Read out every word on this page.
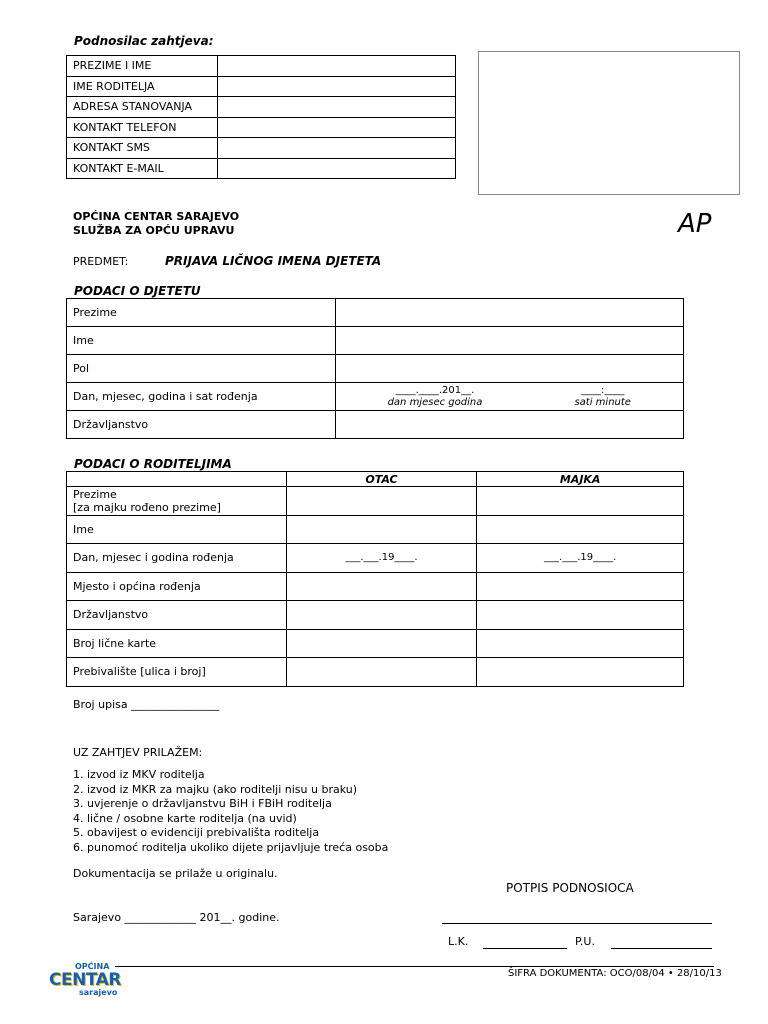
Podnosilac zahtjeva:
PREZIME I IME	
IME RODITELJA	
ADRESA STANOVANJA	
KONTAKT TELEFON	
KONTAKT SMS	
KONTAKT E-MAIL	
OPĆINA CENTAR SARAJEVO
SLUŽBA ZA OPĆU UPRAVU	AP
PREDMET:	PRIJAVA LIČNOG IMENA DJETETA
PODACI O DJETETU
Prezime	
Ime	
Pol	
Dan, mjesec, godina i sat rođenja	____.____.201__.
dan mjesec godina
____:____
sati minute

Državljanstvo	
PODACI O RODITELJIMA
	OTAC	MAJKA

Prezime
[za majku rođeno prezime]		

Ime		
Dan, mjesec i godina rođenja	___.___.19____.	___.___.19____.
Mjesto i općina rođenja		
Državljanstvo		
Broj lične karte		
Prebivalište [ulica i broj]		
Broj upisa ________________
UZ ZAHTJEV PRILAŽEM:
1. izvod iz MKV roditelja
2. izvod iz MKR za majku (ako roditelji nisu u braku)
3. uvjerenje o državljanstvu BiH i FBiH roditelja
4. lične / osobne karte roditelja (na uvid)
5. obavijest o evidenciji prebivališta roditelja
6. punomoć roditelja ukoliko dijete prijavljuje treća osoba
Dokumentacija se prilaže u originalu.
POTPIS PODNOSIOCA
Sarajevo _____________ 201__. godine.
L.K.	P.U.
ŠIFRA DOKUMENTA: OCO/08/04 • 28/10/13
OPĆINA
CENTAR
sarajevo
